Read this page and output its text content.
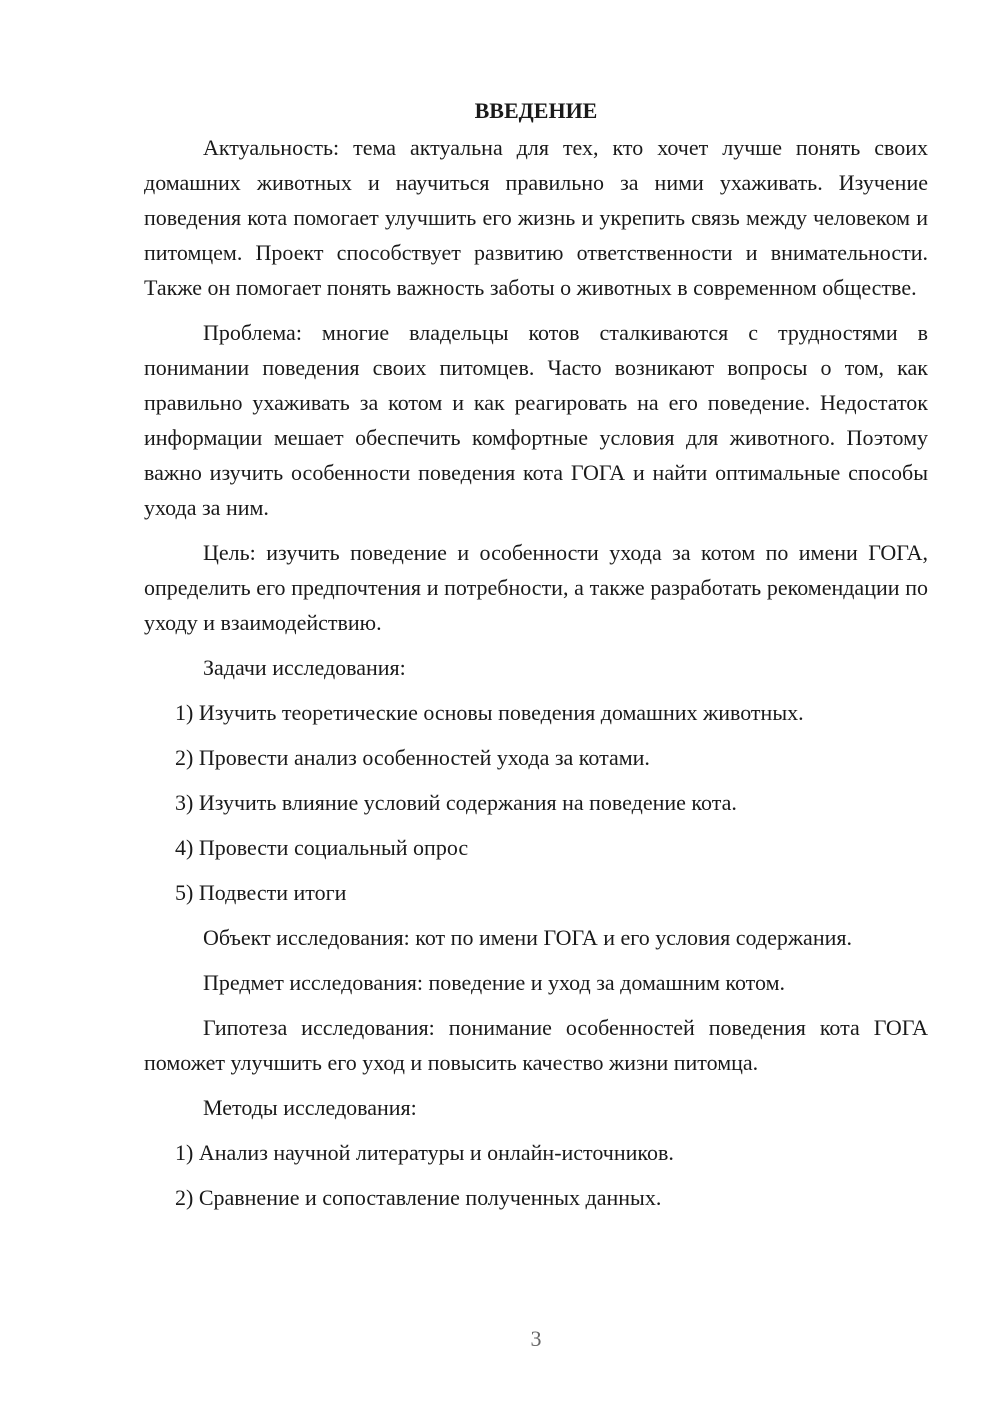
ВВЕДЕНИЕ

Актуальность: тема актуальна для тех, кто хочет лучше понять своих домашних животных и научиться правильно за ними ухаживать. Изучение поведения кота помогает улучшить его жизнь и укрепить связь между человеком и питомцем. Проект способствует развитию ответственности и внимательности. Также он помогает понять важность заботы о животных в современном обществе.

Проблема: многие владельцы котов сталкиваются с трудностями в понимании поведения своих питомцев. Часто возникают вопросы о том, как правильно ухаживать за котом и как реагировать на его поведение. Недостаток информации мешает обеспечить комфортные условия для животного. Поэтому важно изучить особенности поведения кота ГОГА и найти оптимальные способы ухода за ним.

Цель: изучить поведение и особенности ухода за котом по имени ГОГА, определить его предпочтения и потребности, а также разработать рекомендации по уходу и взаимодействию.

Задачи исследования:

1) Изучить теоретические основы поведения домашних животных.
2) Провести анализ особенностей ухода за котами.
3) Изучить влияние условий содержания на поведение кота.
4) Провести социальный опрос
5) Подвести итоги

Объект исследования: кот по имени ГОГА и его условия содержания.

Предмет исследования: поведение и уход за домашним котом.

Гипотеза исследования: понимание особенностей поведения кота ГОГА поможет улучшить его уход и повысить качество жизни питомца.

Методы исследования:

1) Анализ научной литературы и онлайн-источников.
2) Сравнение и сопоставление полученных данных.
3
